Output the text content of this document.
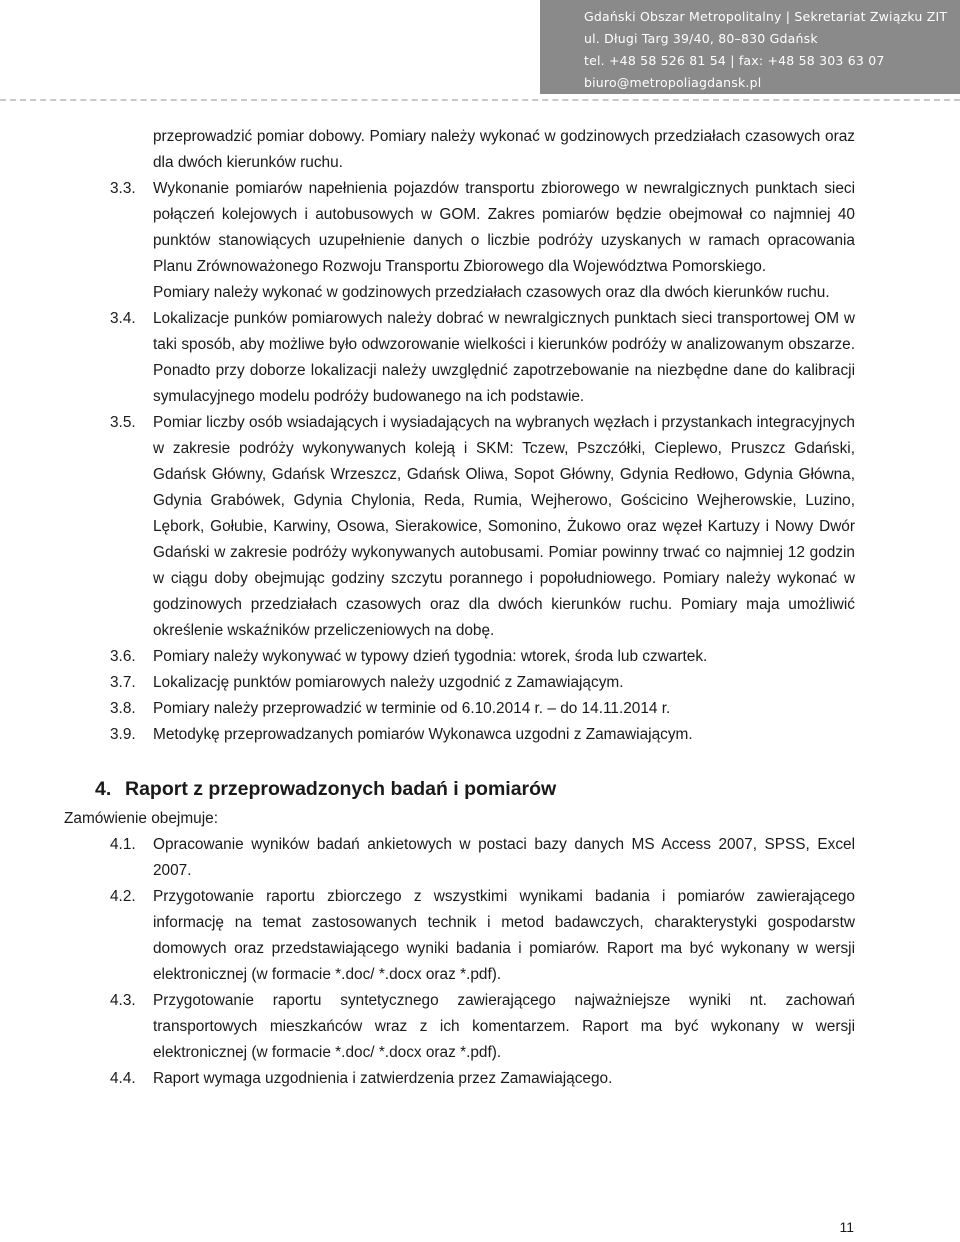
Gdański Obszar Metropolitalny | Sekretariat Związku ZIT
ul. Długi Targ 39/40, 80–830 Gdańsk
tel. +48 58 526 81 54 | fax: +48 58 303 63 07
biuro@metropoliagdansk.pl
przeprowadzić pomiar dobowy. Pomiary należy wykonać w godzinowych przedziałach czasowych oraz dla dwóch kierunków ruchu.
3.3. Wykonanie pomiarów napełnienia pojazdów transportu zbiorowego w newralgicznych punktach sieci połączeń kolejowych i autobusowych w GOM. Zakres pomiarów będzie obejmował co najmniej 40 punktów stanowiących uzupełnienie danych o liczbie podróży uzyskanych w ramach opracowania Planu Zrównoważonego Rozwoju Transportu Zbiorowego dla Województwa Pomorskiego.
Pomiary należy wykonać w godzinowych przedziałach czasowych oraz dla dwóch kierunków ruchu.
3.4. Lokalizacje punków pomiarowych należy dobrać w newralgicznych punktach sieci transportowej OM w taki sposób, aby możliwe było odwzorowanie wielkości i kierunków podróży w analizowanym obszarze. Ponadto przy doborze lokalizacji należy uwzględnić zapotrzebowanie na niezbędne dane do kalibracji symulacyjnego modelu podróży budowanego na ich podstawie.
3.5. Pomiar liczby osób wsiadających i wysiadających na wybranych węzłach i przystankach integracyjnych w zakresie podróży wykonywanych koleją i SKM: Tczew, Pszczółki, Cieplewo, Pruszcz Gdański, Gdańsk Główny, Gdańsk Wrzeszcz, Gdańsk Oliwa, Sopot Główny, Gdynia Redłowo, Gdynia Główna, Gdynia Grabówek, Gdynia Chylonia, Reda, Rumia, Wejherowo, Gościcino Wejherowskie, Luzino, Lębork, Gołubie, Karwiny, Osowa, Sierakowice, Somonino, Żukowo oraz węzeł Kartuzy i Nowy Dwór Gdański w zakresie podróży wykonywanych autobusami. Pomiar powinny trwać co najmniej 12 godzin w ciągu doby obejmując godziny szczytu porannego i popołudniowego. Pomiary należy wykonać w godzinowych przedziałach czasowych oraz dla dwóch kierunków ruchu. Pomiary maja umożliwić określenie wskaźników przeliczeniowych na dobę.
3.6. Pomiary należy wykonywać w typowy dzień tygodnia: wtorek, środa lub czwartek.
3.7. Lokalizację punktów pomiarowych należy uzgodnić z Zamawiającym.
3.8. Pomiary należy przeprowadzić w terminie od 6.10.2014 r. – do 14.11.2014 r.
3.9. Metodykę przeprowadzanych pomiarów Wykonawca uzgodni z Zamawiającym.
4. Raport z przeprowadzonych badań i pomiarów
Zamówienie obejmuje:
4.1. Opracowanie wyników badań ankietowych w postaci bazy danych MS Access 2007, SPSS, Excel 2007.
4.2. Przygotowanie raportu zbiorczego z wszystkimi wynikami badania i pomiarów zawierającego informację na temat zastosowanych technik i metod badawczych, charakterystyki gospodarstw domowych oraz przedstawiającego wyniki badania i pomiarów. Raport ma być wykonany w wersji elektronicznej (w formacie *.doc/ *.docx oraz *.pdf).
4.3. Przygotowanie raportu syntetycznego zawierającego najważniejsze wyniki nt. zachowań transportowych mieszkańców wraz z ich komentarzem. Raport ma być wykonany w wersji elektronicznej (w formacie *.doc/ *.docx oraz *.pdf).
4.4. Raport wymaga uzgodnienia i zatwierdzenia przez Zamawiającego.
11
